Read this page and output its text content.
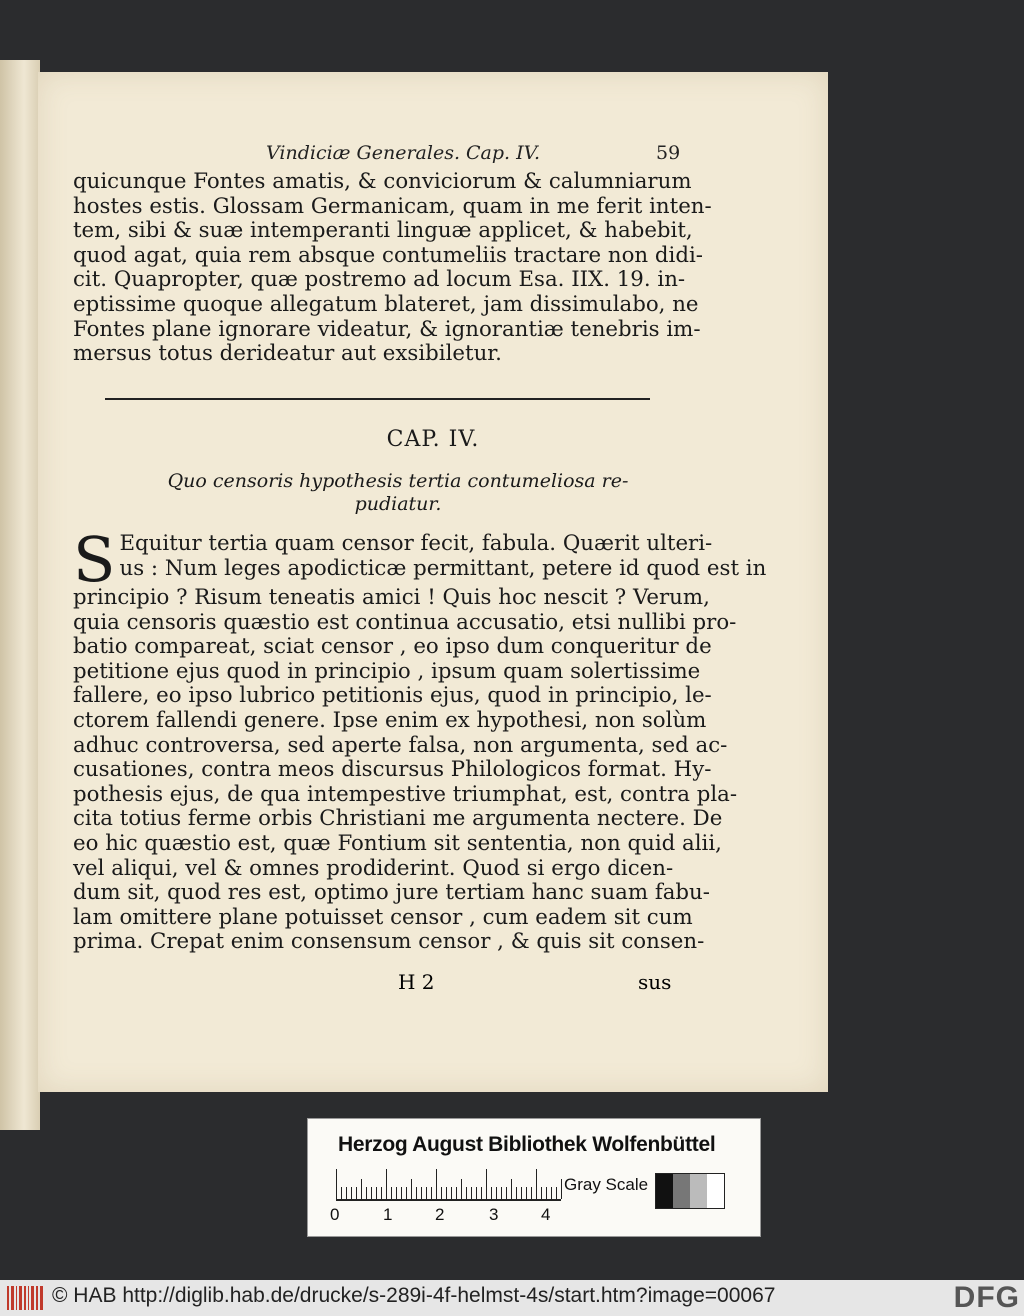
Vindiciæ Generales. Cap. IV.	59
quicunque Fontes amatis, & conviciorum & calumniarum
hostes estis. Glossam Germanicam, quam in me ferit inten-
tem, sibi & suæ intemperanti linguæ applicet, & habebit,
quod agat, quia rem absque contumeliis tractare non didi-
cit. Quapropter, quæ postremo ad locum Esa. IIX. 19. in-
eptissime quoque allegatum blateret, jam dissimulabo, ne
Fontes plane ignorare videatur, & ignorantiæ tenebris im-
mersus totus derideatur aut exsibiletur.
CAP. IV.
Quo censoris hypothesis tertia contumeliosa re-
pudiatur.
S Equitur tertia quam censor fecit, fabula. Quærit ulteri-
us : Num leges apodicticæ permittant, petere id quod est in
principio ? Risum teneatis amici ! Quis hoc nescit ? Verum,
quia censoris quæstio est continua accusatio, etsi nullibi pro-
batio compareat, sciat censor , eo ipso dum conqueritur de
petitione ejus quod in principio , ipsum quam solertissime
fallere, eo ipso lubrico petitionis ejus, quod in principio, le-
ctorem fallendi genere. Ipse enim ex hypothesi, non solùm
adhuc controversa, sed aperte falsa, non argumenta, sed ac-
cusationes, contra meos discursus Philologicos format. Hy-
pothesis ejus, de qua intempestive triumphat, est, contra pla-
cita totius ferme orbis Christiani me argumenta nectere. De
eo hic quæstio est, quæ Fontium sit sententia, non quid alii,
vel aliqui, vel & omnes prodiderint. Quod si ergo dicen-
dum sit, quod res est, optimo jure tertiam hanc suam fabu-
lam omittere plane potuisset censor , cum eadem sit cum
prima. Crepat enim consensum censor , & quis sit consen-
H 2	sus
Herzog August Bibliothek Wolfenbüttel
0	1	2	3	4
Gray Scale
© HAB http://diglib.hab.de/drucke/s-289i-4f-helmst-4s/start.htm?image=00067	DFG
